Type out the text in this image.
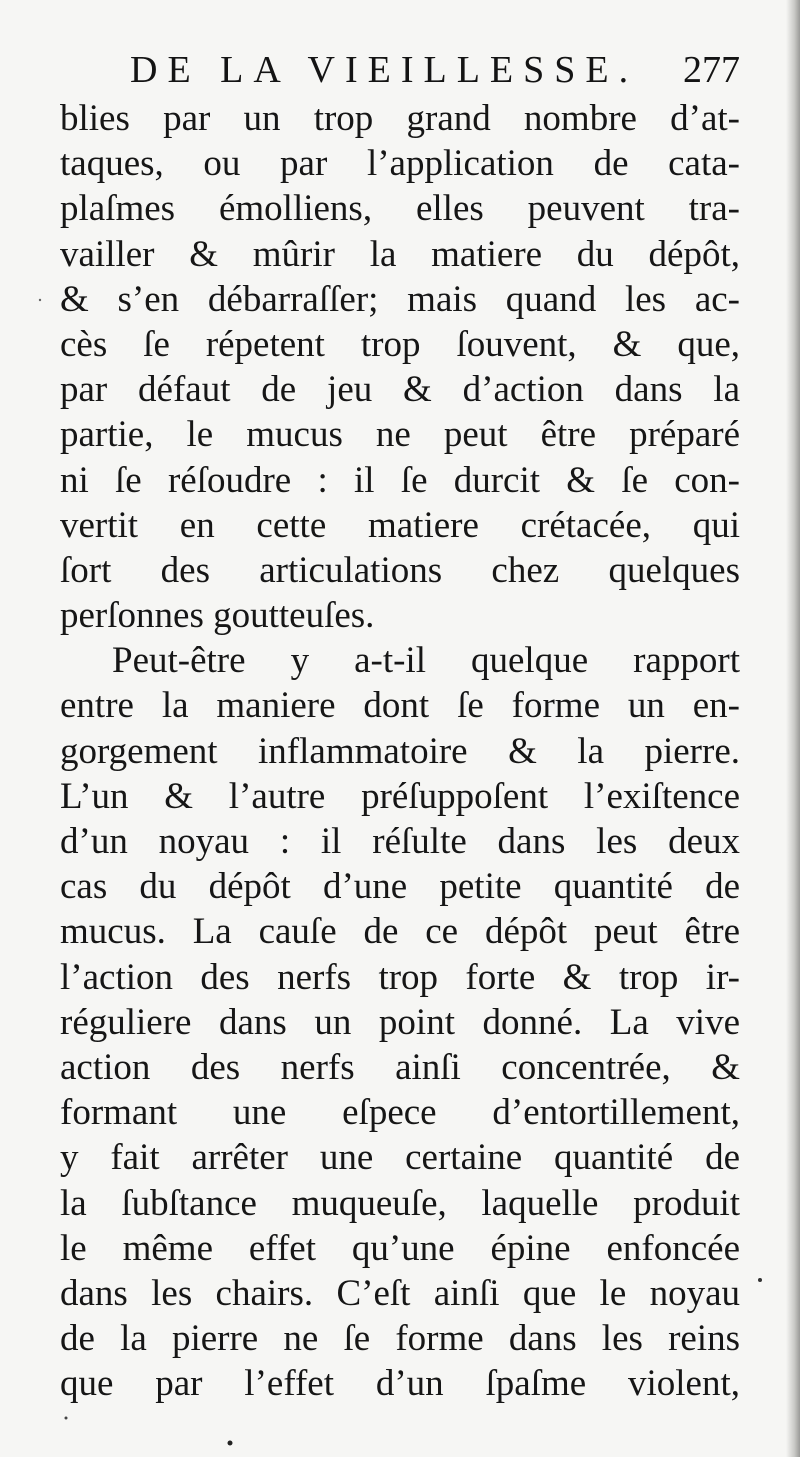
DE LA VIEILLESSE. 277
blies par un trop grand nombre d’at-
taques, ou par l’application de cata-
plaſmes émolliens, elles peuvent tra-
vailler & mûrir la matiere du dépôt,
& s’en débarraſſer; mais quand les ac-
cès ſe répetent trop ſouvent, & que,
par défaut de jeu & d’action dans la
partie, le mucus ne peut être préparé
ni ſe réſoudre : il ſe durcit & ſe con-
vertit en cette matiere crétacée, qui
ſort des articulations chez quelques
perſonnes goutteuſes.
Peut-être y a-t-il quelque rapport
entre la maniere dont ſe forme un en-
gorgement inflammatoire & la pierre.
L’un & l’autre préſuppoſent l’exiſtence
d’un noyau : il réſulte dans les deux
cas du dépôt d’une petite quantité de
mucus. La cauſe de ce dépôt peut être
l’action des nerfs trop forte & trop ir-
réguliere dans un point donné. La vive
action des nerfs ainſi concentrée, &
formant une eſpece d’entortillement,
y fait arrêter une certaine quantité de
la ſubſtance muqueuſe, laquelle produit
le même effet qu’une épine enfoncée
dans les chairs. C’eſt ainſi que le noyau
de la pierre ne ſe forme dans les reins
que par l’effet d’un ſpaſme violent,
